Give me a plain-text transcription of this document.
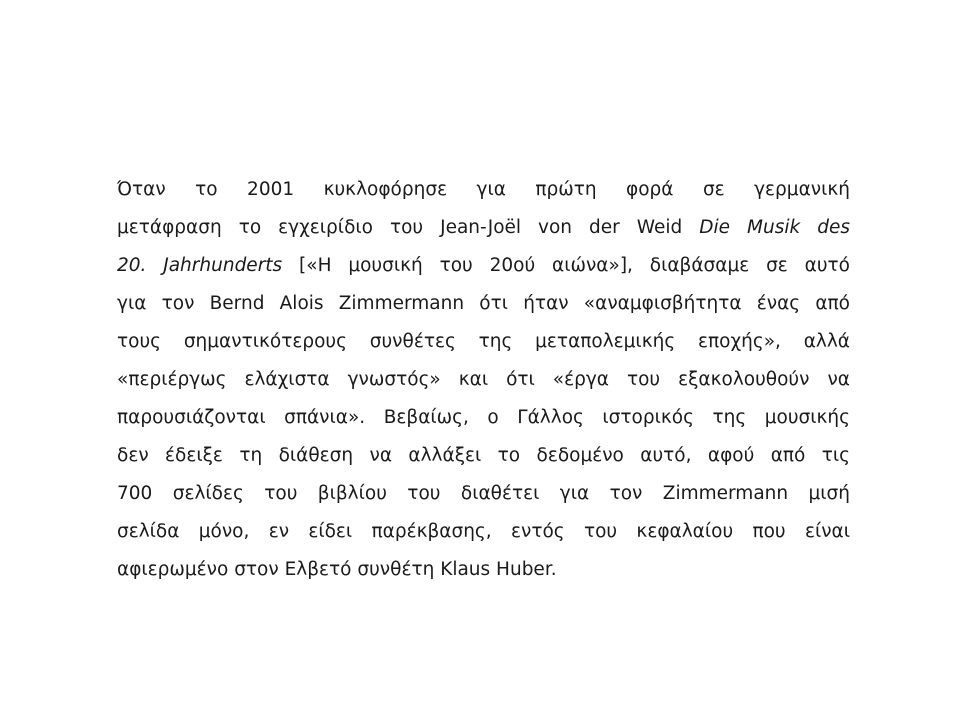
Όταν το 2001 κυκλοφόρησε για πρώτη φορά σε γερμανική
μετάφραση το εγχειρίδιο του Jean-Joël von der Weid Die Musik des
20. Jahrhunderts [«Η μουσική του 20ού αιώνα»], διαβάσαμε σε αυτό
για τον Bernd Alois Zimmermann ότι ήταν «αναμφισβήτητα ένας από
τους σημαντικότερους συνθέτες της μεταπολεμικής εποχής», αλλά
«περιέργως ελάχιστα γνωστός» και ότι «έργα του εξακολουθούν να
παρουσιάζονται σπάνια». Βεβαίως, ο Γάλλος ιστορικός της μουσικής
δεν έδειξε τη διάθεση να αλλάξει το δεδομένο αυτό, αφού από τις
700 σελίδες του βιβλίου του διαθέτει για τον Zimmermann μισή
σελίδα μόνο, εν είδει παρέκβασης, εντός του κεφαλαίου που είναι
αφιερωμένο στον Ελβετό συνθέτη Klaus Huber.
